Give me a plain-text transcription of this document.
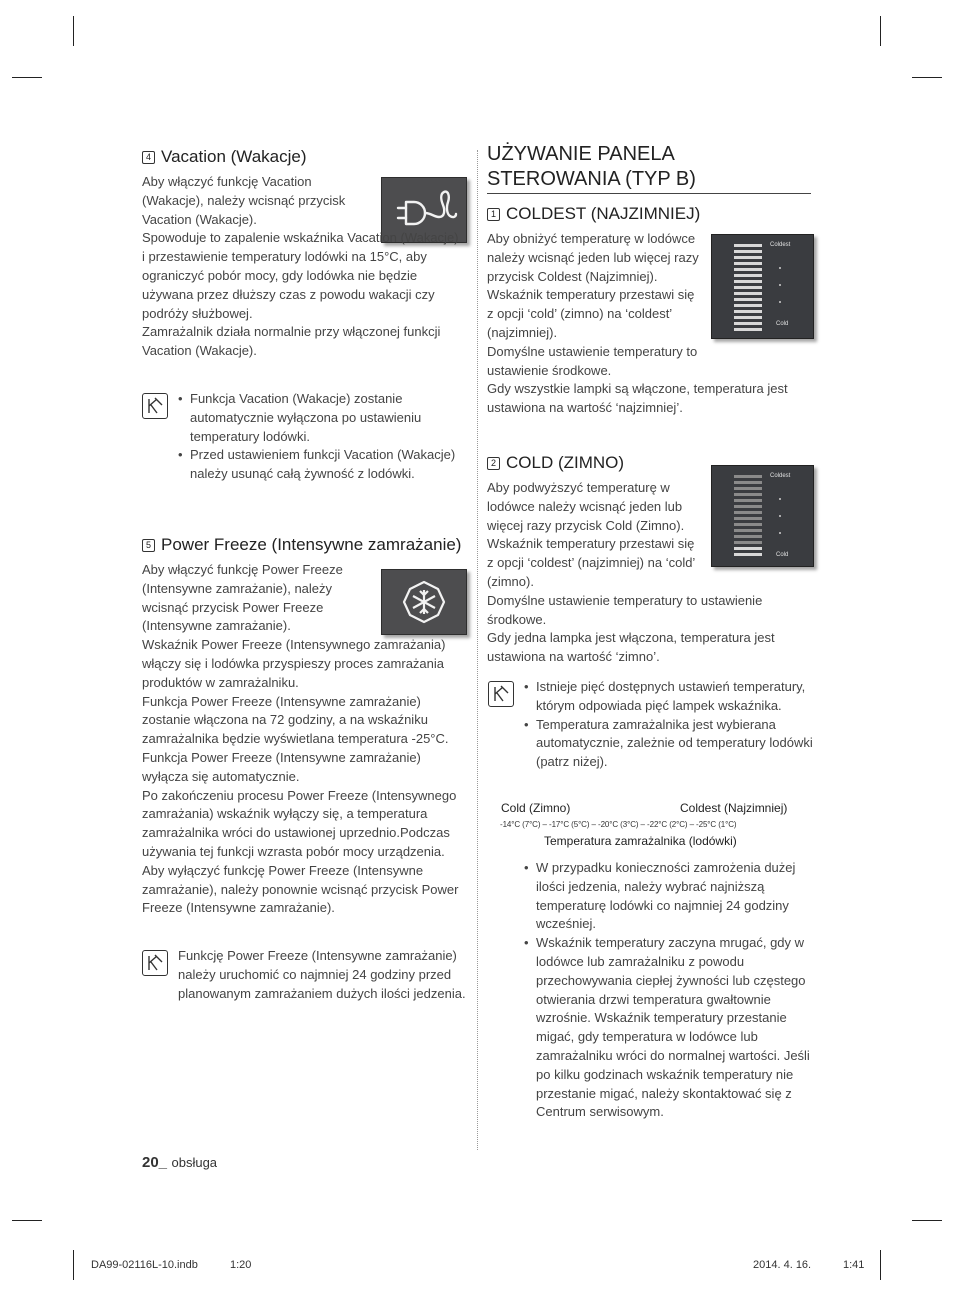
4 Vacation (Wakacje)

Aby włączyć funkcję Vacation (Wakacje), należy wcisnąć przycisk Vacation (Wakacje).

Spowoduje to zapalenie wskaźnika Vacation (Wakacje) i przestawienie temperatury lodówki na 15°C, aby ograniczyć pobór mocy, gdy lodówka nie będzie używana przez dłuższy czas z powodu wakacji czy podróży służbowej.

Zamrażalnik działa normalnie przy włączonej funkcji Vacation (Wakacje).

• Funkcja Vacation (Wakacje) zostanie automatycznie wyłączona po ustawieniu temperatury lodówki.
• Przed ustawieniem funkcji Vacation (Wakacje) należy usunąć całą żywność z lodówki.
5 Power Freeze (Intensywne zamrażanie)

Aby włączyć funkcję Power Freeze (Intensywne zamrażanie), należy wcisnąć przycisk Power Freeze (Intensywne zamrażanie).

Wskaźnik Power Freeze (Intensywnego zamrażania) włączy się i lodówka przyspieszy proces zamrażania produktów w zamrażalniku.

Funkcja Power Freeze (Intensywne zamrażanie) zostanie włączona na 72 godziny, a na wskaźniku zamrażalnika będzie wyświetlana temperatura -25°C.

Funkcja Power Freeze (Intensywne zamrażanie) wyłącza się automatycznie.

Po zakończeniu procesu Power Freeze (Intensywnego zamrażania) wskaźnik wyłączy się, a temperatura zamrażalnika wróci do ustawionej uprzednio.Podczas używania tej funkcji wzrasta pobór mocy urządzenia.

Aby wyłączyć funkcję Power Freeze (Intensywne zamrażanie), należy ponownie wcisnąć przycisk Power Freeze (Intensywne zamrażanie).

Funkcję Power Freeze (Intensywne zamrażanie) należy uruchomić co najmniej 24 godziny przed planowanym zamrażaniem dużych ilości jedzenia.
UŻYWANIE PANELA
STEROWANIA (TYP B)
1 COLDEST (NAJZIMNIEJ)
Coldest
Cold

Aby obniżyć temperaturę w lodówce należy wcisnąć jeden lub więcej razy przycisk Coldest (Najzimniej). Wskaźnik temperatury przestawi się z opcji ‘cold’ (zimno) na ‘coldest’ (najzimniej).

Domyślne ustawienie temperatury to ustawienie środkowe.

Gdy wszystkie lampki są włączone, temperatura jest ustawiona na wartość ‘najzimniej’.

2 COLD (ZIMNO)
Coldest
Cold

Aby podwyższyć temperaturę w lodówce należy wcisnąć jeden lub więcej razy przycisk Cold (Zimno). Wskaźnik temperatury przestawi się z opcji ‘coldest’ (najzimniej) na ‘cold’ (zimno).

Domyślne ustawienie temperatury to ustawienie środkowe.

Gdy jedna lampka jest włączona, temperatura jest ustawiona na wartość ‘zimno’.

• Istnieje pięć dostępnych ustawień temperatury, którym odpowiada pięć lampek wskaźnika.
• Temperatura zamrażalnika jest wybierana automatycznie, zależnie od temperatury lodówki (patrz niżej).
Cold (Zimno)	Coldest (Najzimniej)
-14°C (7°C) – -17°C (5°C) – -20°C (3°C) – -22°C (2°C) – -25°C (1°C)
Temperatura zamrażalnika (lodówki)
• W przypadku konieczności zamrożenia dużej ilości jedzenia, należy wybrać najniższą temperaturę lodówki co najmniej 24 godziny wcześniej.
• Wskaźnik temperatury zaczyna mrugać, gdy w lodówce lub zamrażalniku z powodu przechowywania ciepłej żywności lub częstego otwierania drzwi temperatura gwałtownie wzrośnie. Wskaźnik temperatury przestanie migać, gdy temperatura w lodówce lub zamrażalniku wróci do normalnej wartości. Jeśli po kilku godzinach wskaźnik temperatury nie przestanie migać, należy skontaktować się z Centrum serwisowym.
20_ obsługa
DA99-02116L-10.indb	1:20	2014. 4. 16.	1:41
